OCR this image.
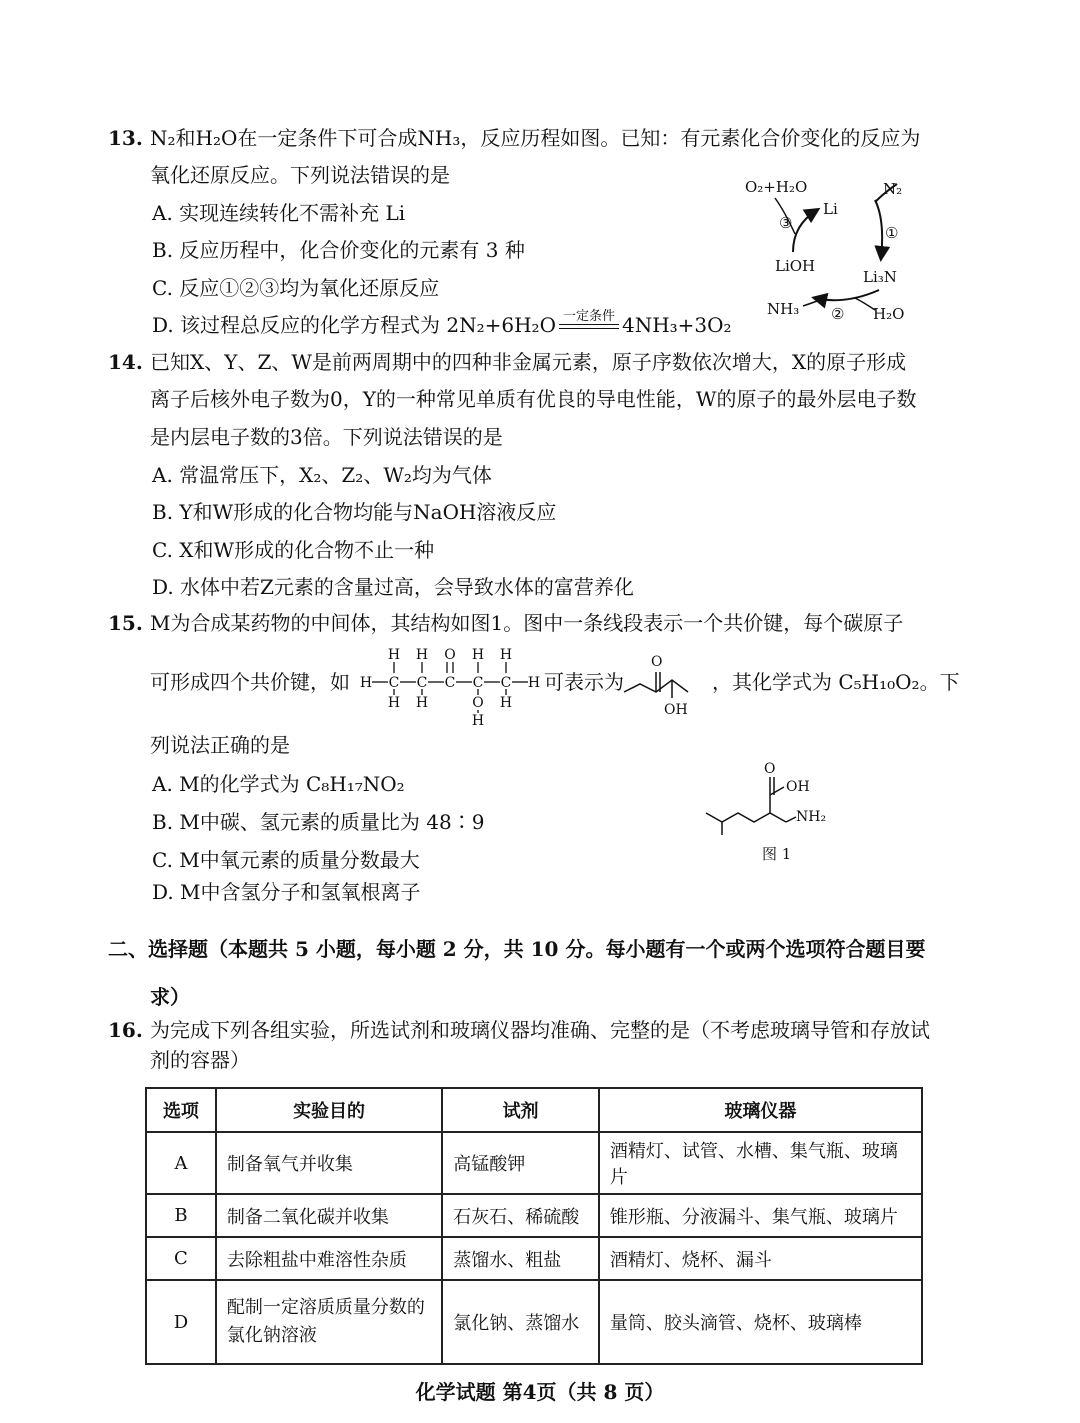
13. N₂和H₂O在一定条件下可合成NH₃，反应历程如图。已知：有元素化合价变化的反应为
氧化还原反应。下列说法错误的是
A. 实现连续转化不需补充 Li
B. 反应历程中，化合价变化的元素有 3 种
C. 反应①②③均为氧化还原反应
D. 该过程总反应的化学方程式为 2N₂+6H₂O 一定条件 4NH₃+3O₂
O₂+H₂O	N₂
Li
LiOH
Li₃N
NH₃	H₂O
③
①
②
14. 已知X、Y、Z、W是前两周期中的四种非金属元素，原子序数依次增大，X的原子形成
离子后核外电子数为0，Y的一种常见单质有优良的导电性能，W的原子的最外层电子数
是内层电子数的3倍。下列说法错误的是
A. 常温常压下，X₂、Z₂、W₂均为气体
B. Y和W形成的化合物均能与NaOH溶液反应
C. X和W形成的化合物不止一种
D. 水体中若Z元素的含量过高，会导致水体的富营养化
15. M为合成某药物的中间体，其结构如图1。图中一条线段表示一个共价键，每个碳原子
可形成四个共价键，如 H C C C C C H
H H O H H
H H	O H
H
可表示为
O
OH
，其化学式为 C₅H₁₀O₂。下
列说法正确的是
A. M的化学式为 C₈H₁₇NO₂
B. M中碳、氢元素的质量比为 48∶9
C. M中氧元素的质量分数最大
D. M中含氢分子和氢氧根离子
O
OH
NH₂
图 1
二、选择题（本题共 5 小题，每小题 2 分，共 10 分。每小题有一个或两个选项符合题目要
求）
16. 为完成下列各组实验，所选试剂和玻璃仪器均准确、完整的是（不考虑玻璃导管和存放试
剂的容器）
选项	实验目的	试剂	玻璃仪器
A	制备氧气并收集	高锰酸钾	酒精灯、试管、水槽、集气瓶、玻璃片
B	制备二氧化碳并收集	石灰石、稀硫酸	锥形瓶、分液漏斗、集气瓶、玻璃片
C	去除粗盐中难溶性杂质	蒸馏水、粗盐	酒精灯、烧杯、漏斗
D	配制一定溶质质量分数的氯化钠溶液	氯化钠、蒸馏水	量筒、胶头滴管、烧杯、玻璃棒
化学试题 第4页（共 8 页）
